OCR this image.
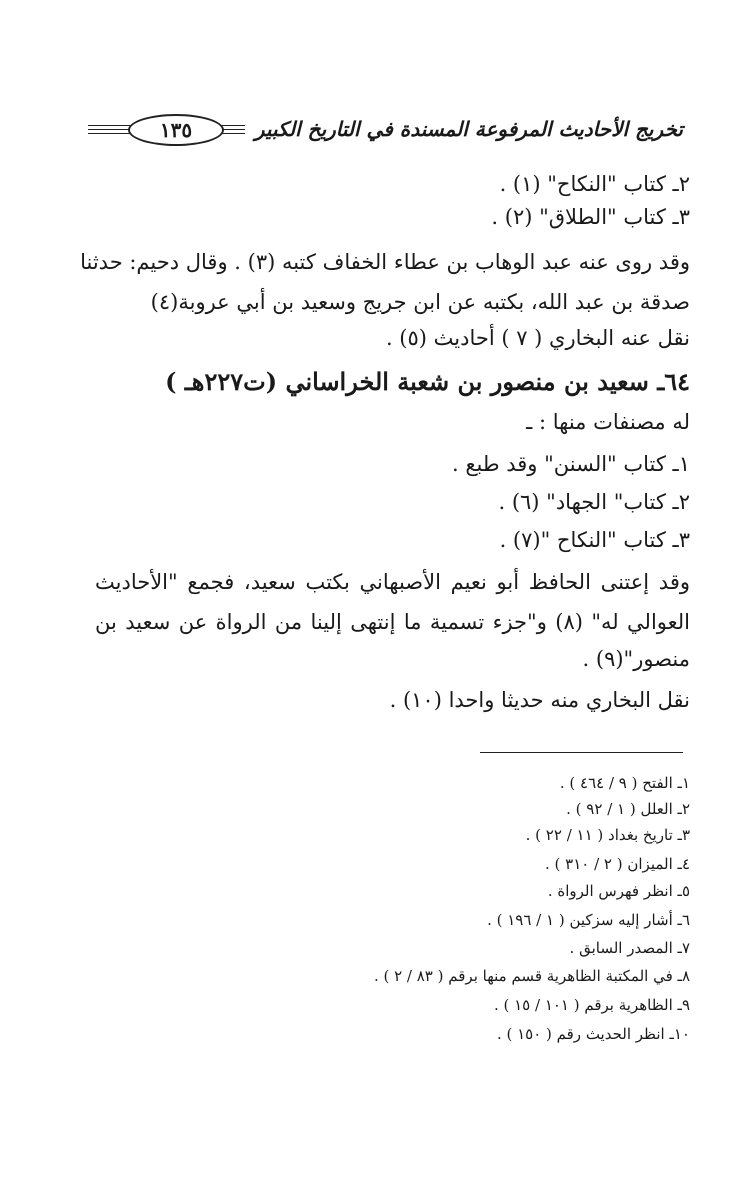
تخريج الأحاديث المرفوعة المسندة في التاريخ الكبير
١٣٥
٢ـ كتاب "النكاح" (١) .
٣ـ كتاب "الطلاق" (٢) .
وقد روى عنه عبد الوهاب بن عطاء الخفاف كتبه (٣) . وقال دحيم: حدثنا
صدقة بن عبد الله، بكتبه عن ابن جريج وسعيد بن أبي عروبة(٤)
نقل عنه البخاري ( ٧ ) أحاديث (٥) .
٦٤ـ سعيد بن منصور بن شعبة الخراساني (ت٢٢٧هـ )
له مصنفات منها : ـ
١ـ كتاب "السنن" وقد طبع .
٢ـ كتاب" الجهاد" (٦) .
٣ـ كتاب "النكاح "(٧) .
وقد إعتنى الحافظ أبو نعيم الأصبهاني بكتب سعيد، فجمع "الأحاديث
العوالي له" (٨) و"جزء تسمية ما إنتهى إلينا من الرواة عن سعيد بن
منصور"(٩) .
نقل البخاري منه حديثا واحدا (١٠) .
١ـ الفتح ( ٩ / ٤٦٤ ) .
٢ـ العلل ( ١ / ٩٢ ) .
٣ـ تاريخ بغداد ( ١١ / ٢٢ ) .
٤ـ الميزان ( ٢ / ٣١٠ ) .
٥ـ انظر فهرس الرواة .
٦ـ أشار إليه سزكين ( ١ / ١٩٦ ) .
٧ـ المصدر السابق .
٨ـ في المكتبة الظاهرية قسم منها برقم ( ٨٣ / ٢ ) .
٩ـ الظاهرية برقم ( ١٠١ / ١٥ ) .
١٠ـ انظر الحديث رقم ( ١٥٠ ) .
